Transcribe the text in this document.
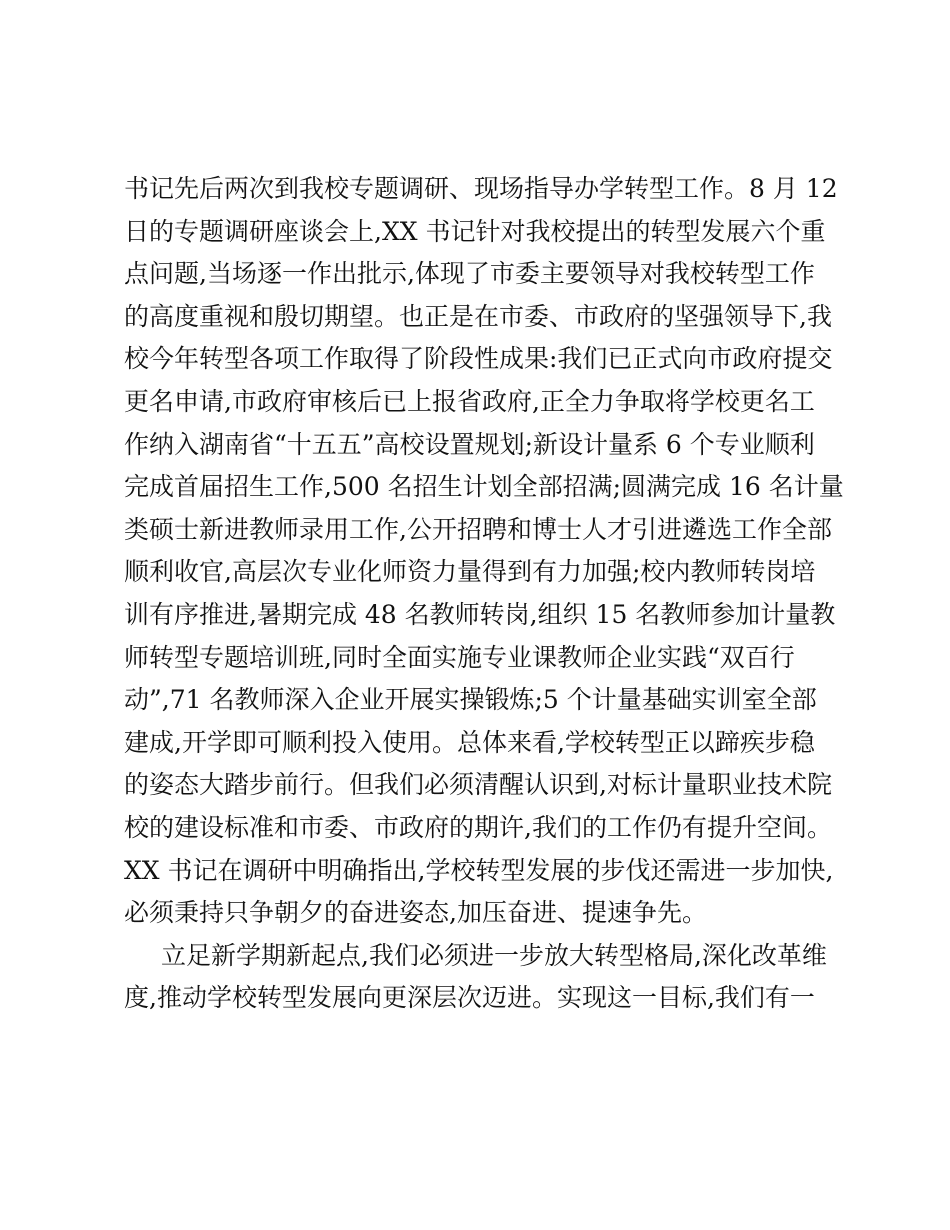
书记先后两次到我校专题调研、现场指导办学转型工作。8 月 12
日的专题调研座谈会上,XX 书记针对我校提出的转型发展六个重
点问题,当场逐一作出批示,体现了市委主要领导对我校转型工作
的高度重视和殷切期望。也正是在市委、市政府的坚强领导下,我
校今年转型各项工作取得了阶段性成果:我们已正式向市政府提交
更名申请,市政府审核后已上报省政府,正全力争取将学校更名工
作纳入湖南省“十五五”高校设置规划;新设计量系 6 个专业顺利
完成首届招生工作,500 名招生计划全部招满;圆满完成 16 名计量
类硕士新进教师录用工作,公开招聘和博士人才引进遴选工作全部
顺利收官,高层次专业化师资力量得到有力加强;校内教师转岗培
训有序推进,暑期完成 48 名教师转岗,组织 15 名教师参加计量教
师转型专题培训班,同时全面实施专业课教师企业实践“双百行
动”,71 名教师深入企业开展实操锻炼;5 个计量基础实训室全部
建成,开学即可顺利投入使用。总体来看,学校转型正以蹄疾步稳
的姿态大踏步前行。但我们必须清醒认识到,对标计量职业技术院
校的建设标准和市委、市政府的期许,我们的工作仍有提升空间。
XX 书记在调研中明确指出,学校转型发展的步伐还需进一步加快,
必须秉持只争朝夕的奋进姿态,加压奋进、提速争先。
立足新学期新起点,我们必须进一步放大转型格局,深化改革维
度,推动学校转型发展向更深层次迈进。实现这一目标,我们有一
